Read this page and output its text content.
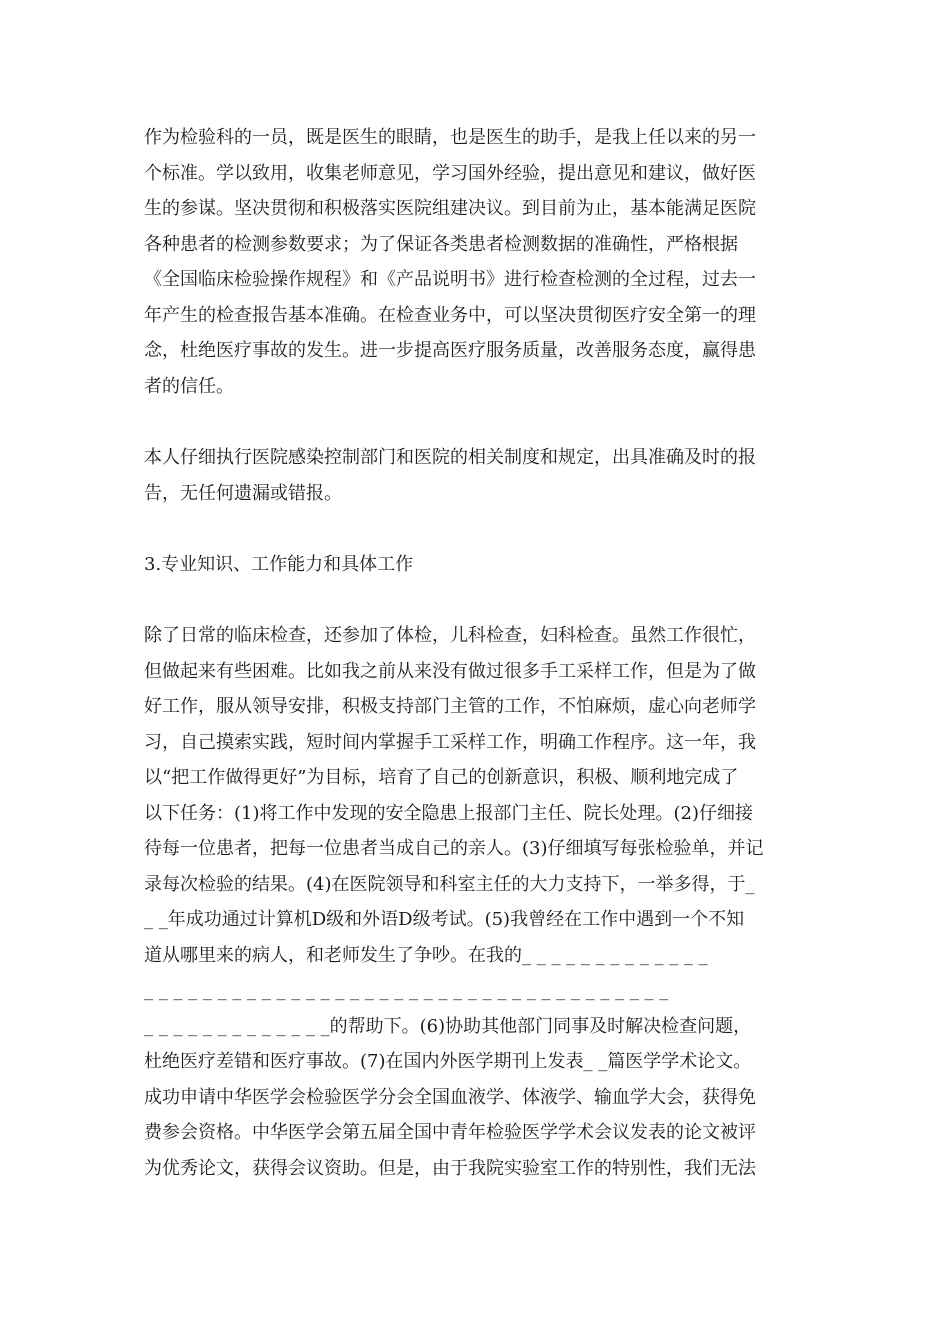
作为检验科的一员，既是医生的眼睛，也是医生的助手，是我上任以来的另一
个标准。学以致用，收集老师意见，学习国外经验，提出意见和建议，做好医
生的参谋。坚决贯彻和积极落实医院组建决议。到目前为止，基本能满足医院
各种患者的检测参数要求；为了保证各类患者检测数据的准确性，严格根据
《全国临床检验操作规程》和《产品说明书》进行检查检测的全过程，过去一
年产生的检查报告基本准确。在检查业务中，可以坚决贯彻医疗安全第一的理
念，杜绝医疗事故的发生。进一步提高医疗服务质量，改善服务态度，赢得患
者的信任。
本人仔细执行医院感染控制部门和医院的相关制度和规定，出具准确及时的报
告，无任何遗漏或错报。
3.专业知识、工作能力和具体工作
除了日常的临床检查，还参加了体检，儿科检查，妇科检查。虽然工作很忙，
但做起来有些困难。比如我之前从来没有做过很多手工采样工作，但是为了做
好工作，服从领导安排，积极支持部门主管的工作，不怕麻烦，虚心向老师学
习，自己摸索实践，短时间内掌握手工采样工作，明确工作程序。这一年，我
以“把工作做得更好”为目标，培育了自己的创新意识，积极、顺利地完成了
以下任务：(1)将工作中发现的安全隐患上报部门主任、院长处理。(2)仔细接
待每一位患者，把每一位患者当成自己的亲人。(3)仔细填写每张检验单，并记
录每次检验的结果。(4)在医院领导和科室主任的大力支持下，一举多得，于_
_ _年成功通过计算机D级和外语D级考试。(5)我曾经在工作中遇到一个不知
道从哪里来的病人，和老师发生了争吵。在我的_ _ _ _ _ _ _ _ _ _ _ _ _
_ _ _ _ _ _ _ _ _ _ _ _ _ _ _ _ _ _ _ _ _ _ _ _ _ _ _ _ _ _ _ _ _ _ _ _
_ _ _ _ _ _ _ _ _ _ _ _ _的帮助下。(6)协助其他部门同事及时解决检查问题，
杜绝医疗差错和医疗事故。(7)在国内外医学期刊上发表_ _篇医学学术论文。
成功申请中华医学会检验医学分会全国血液学、体液学、输血学大会，获得免
费参会资格。中华医学会第五届全国中青年检验医学学术会议发表的论文被评
为优秀论文，获得会议资助。但是，由于我院实验室工作的特别性，我们无法
